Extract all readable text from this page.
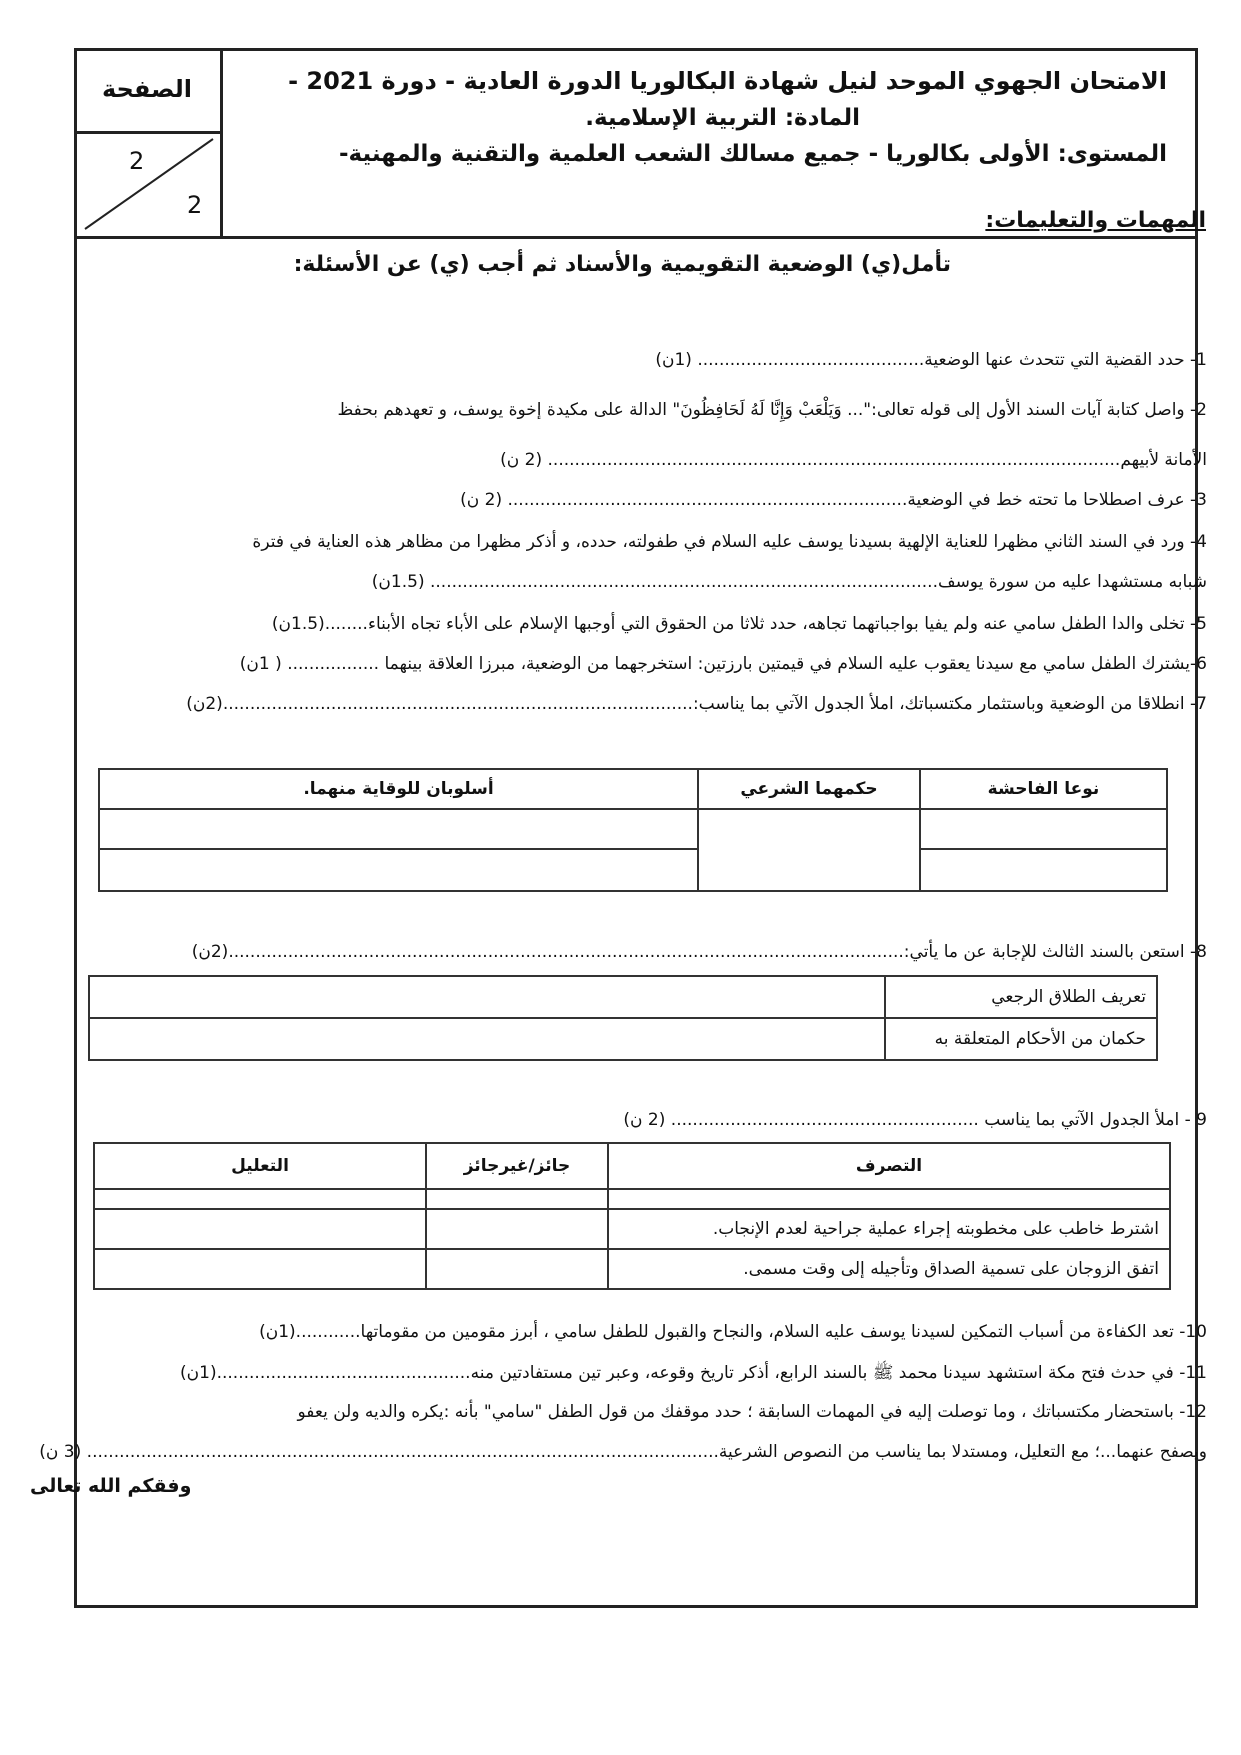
الصفحة
2
2
الامتحان الجهوي الموحد لنيل شهادة البكالوريا الدورة العادية - دورة 2021 -
المادة: التربية الإسلامية.
المستوى: الأولى بكالوريا - جميع مسالك الشعب العلمية والتقنية والمهنية-
المهمات والتعليمات:
تأمل(ي) الوضعية التقويمية والأسناد ثم أجب (ي) عن الأسئلة:
1- حدد القضية التي تتحدث عنها الوضعية.......................................... (1ن)
2- واصل كتابة آيات السند الأول إلى قوله تعالى:"... وَيَلْعَبْ وَإِنَّا لَهُ لَحَافِظُونَ" الدالة على مكيدة إخوة يوسف، و تعهدهم بحفظ
الأمانة لأبيهم.......................................................................................................... (2 ن)
3- عرف اصطلاحا ما تحته خط في الوضعية.......................................................................... (2 ن)
4- ورد في السند الثاني مظهرا للعناية الإلهية بسيدنا يوسف عليه السلام في طفولته، حدده، و أذكر مظهرا من مظاهر هذه العناية في فترة
شبابه مستشهدا عليه من سورة يوسف.............................................................................................. (1.5ن)
5- تخلى والدا الطفل سامي عنه ولم يفيا بواجباتهما تجاهه، حدد ثلاثا من الحقوق التي أوجبها الإسلام على الأباء تجاه الأبناء........(1.5ن)
6-يشترك الطفل سامي مع سيدنا يعقوب عليه السلام في قيمتين بارزتين: استخرجهما من الوضعية، مبرزا العلاقة بينهما ................. ( 1ن)
7- انطلاقا من الوضعية وباستثمار مكتسباتك، املأ الجدول الآتي بما يناسب:.......................................................................................(2ن)
نوعا الفاحشة	حكمهما الشرعي	أسلوبان للوقاية منهما.

8- استعن بالسند الثالث للإجابة عن ما يأتي:.............................................................................................................................(2ن)
تعريف الطلاق الرجعي	
حكمان من الأحكام المتعلقة به	
9 - املأ الجدول الآتي بما يناسب ......................................................... (2 ن)
التصرف	جائز/غيرجائز	التعليل

اشترط خاطب على مخطوبته إجراء عملية جراحية لعدم الإنجاب.		
اتفق الزوجان على تسمية الصداق وتأجيله إلى وقت مسمى.		
10- تعد الكفاءة من أسباب التمكين لسيدنا يوسف عليه السلام، والنجاح والقبول للطفل سامي ، أبرز مقومين من مقوماتها............(1ن)
11- في حدث فتح مكة استشهد سيدنا محمد ﷺ بالسند الرابع، أذكر تاريخ وقوعه، وعبر تين مستفادتين منه...............................................(1ن)
12- باستحضار مكتسباتك ، وما توصلت إليه في المهمات السابقة ؛ حدد موقفك من قول الطفل "سامي" بأنه :يكره والديه ولن يعفو
ويصفح عنهما...؛ مع التعليل، ومستدلا بما يناسب من النصوص الشرعية..................................................................................................................... (3 ن)
وفقكم الله تعالى
